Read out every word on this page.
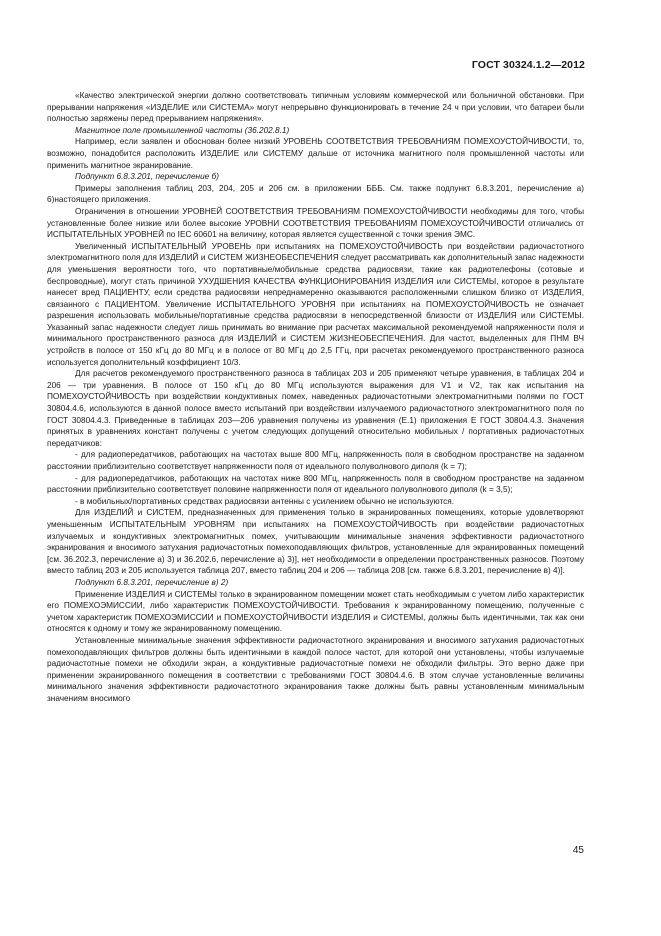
ГОСТ 30324.1.2—2012

«Качество электрической энергии должно соответствовать типичным условиям коммерческой или больничной обстановки. При прерывании напряжения «ИЗДЕЛИЕ или СИСТЕМА» могут непрерывно функционировать в течение 24 ч при условии, что батареи были полностью заряжены перед прерыванием напряжения».

Магнитное поле промышленной частоты (36.202.8.1)

Например, если заявлен и обоснован более низкий УРОВЕНЬ СООТВЕТСТВИЯ ТРЕБОВАНИЯМ ПОМЕХОУСТОЙЧИВОСТИ, то, возможно, понадобится расположить ИЗДЕЛИЕ или СИСТЕМУ дальше от источника магнитного поля промышленной частоты или применить магнитное экранирование.

Подпункт 6.8.3.201, перечисление б)

Примеры заполнения таблиц 203, 204, 205 и 206 см. в приложении БББ. См. также подпункт 6.8.3.201, перечисление а) 6)настоящего приложения.

Ограничения в отношении УРОВНЕЙ СООТВЕТСТВИЯ ТРЕБОВАНИЯМ ПОМЕХОУСТОЙЧИВОСТИ необходимы для того, чтобы установленные более низкие или более высокие УРОВНИ СООТВЕТСТВИЯ ТРЕБОВАНИЯМ ПОМЕХОУСТОЙЧИВОСТИ отличались от ИСПЫТАТЕЛЬНЫХ УРОВНЕЙ по IEC 60601 на величину, которая является существенной с точки зрения ЭМС.

Увеличенный ИСПЫТАТЕЛЬНЫЙ УРОВЕНЬ при испытаниях на ПОМЕХОУСТОЙЧИВОСТЬ при воздействии радиочастотного электромагнитного поля для ИЗДЕЛИЙ и СИСТЕМ ЖИЗНЕОБЕСПЕЧЕНИЯ следует рассматривать как дополнительный запас надежности для уменьшения вероятности того, что портативные/мобильные средства радиосвязи, такие как радиотелефоны (сотовые и беспроводные), могут стать причиной УХУДШЕНИЯ КАЧЕСТВА ФУНКЦИОНИРОВАНИЯ ИЗДЕЛИЯ или СИСТЕМЫ, которое в результате нанесет вред ПАЦИЕНТУ, если средства радиосвязи непреднамеренно оказываются расположенными слишком близко от ИЗДЕЛИЯ, связанного с ПАЦИЕНТОМ. Увеличение ИСПЫТАТЕЛЬНОГО УРОВНЯ при испытаниях на ПОМЕХОУСТОЙЧИВОСТЬ не означает разрешения использовать мобильные/портативные средства радиосвязи в непосредственной близости от ИЗДЕЛИЯ или СИСТЕМЫ. Указанный запас надежности следует лишь принимать во внимание при расчетах максимальной рекомендуемой напряженности поля и минимального пространственного разноса для ИЗДЕЛИЙ и СИСТЕМ ЖИЗНЕОБЕСПЕЧЕНИЯ. Для частот, выделенных для ПНМ ВЧ устройств в полосе от 150 кГц до 80 МГц и в полосе от 80 МГц до 2,5 ГГц, при расчетах рекомендуемого пространственного разноса используется дополнительный коэффициент 10/3.

Для расчетов рекомендуемого пространственного разноса в таблицах 203 и 205 применяют четыре уравнения, в таблицах 204 и 206 — три уравнения. В полосе от 150 кГц до 80 МГц используются выражения для V1 и V2, так как испытания на ПОМЕХОУСТОЙЧИВОСТЬ при воздействии кондуктивных помех, наведенных радиочастотными электромагнитными полями по ГОСТ 30804.4.6, используются в данной полосе вместо испытаний при воздействии излучаемого радиочастотного электромагнитного поля по ГОСТ 30804.4.3. Приведенные в таблицах 203—206 уравнения получены из уравнения (Е.1) приложения Е ГОСТ 30804.4.3. Значения принятых в уравнениях констант получены с учетом следующих допущений относительно мобильных / портативных радиочастотных передатчиков:

- для радиопередатчиков, работающих на частотах выше 800 МГц, напряженность поля в свободном пространстве на заданном расстоянии приблизительно соответствует напряженности поля от идеального полуволнового диполя (k = 7);

- для радиопередатчиков, работающих на частотах ниже 800 МГц, напряженность поля в свободном пространстве на заданном расстоянии приблизительно соответствует половине напряженности поля от идеального полуволнового диполя (k = 3,5);

- в мобильных/портативных средствах радиосвязи антенны с усилением обычно не используются.

Для ИЗДЕЛИЙ и СИСТЕМ, предназначенных для применения только в экранированных помещениях, которые удовлетворяют уменьшенным ИСПЫТАТЕЛЬНЫМ УРОВНЯМ при испытаниях на ПОМЕХОУСТОЙЧИВОСТЬ при воздействии радиочастотных излучаемых и кондуктивных электромагнитных помех, учитывающим минимальные значения эффективности радиочастотного экранирования и вносимого затухания радиочастотных помехоподавляющих фильтров, установленные для экранированных помещений [см. 36.202.3, перечисление а) 3) и 36.202.6, перечисление а) 3)], нет необходимости в определении пространственных разносов. Поэтому вместо таблиц 203 и 205 используется таблица 207, вместо таблиц 204 и 206 — таблица 208 [см. также 6.8.3.201, перечисление в) 4)].

Подпункт 6.8.3.201, перечисление в) 2)

Применение ИЗДЕЛИЯ и СИСТЕМЫ только в экранированном помещении может стать необходимым с учетом либо характеристик его ПОМЕХОЭМИССИИ, либо характеристик ПОМЕХОУСТОЙЧИВОСТИ. Требования к экранированному помещению, полученные с учетом характеристик ПОМЕХОЭМИССИИ и ПОМЕХОУСТОЙЧИВОСТИ ИЗДЕЛИЯ и СИСТЕМЫ, должны быть идентичными, так как они относятся к одному и тому же экранированному помещению.

Установленные минимальные значения эффективности радиочастотного экранирования и вносимого затухания радиочастотных помехоподавляющих фильтров должны быть идентичными в каждой полосе частот, для которой они установлены, чтобы излучаемые радиочастотные помехи не обходили экран, а кондуктивные радиочастотные помехи не обходили фильтры. Это верно даже при применении экранированного помещения в соответствии с требованиями ГОСТ 30804.4.6. В этом случае установленные величины минимального значения эффективности радиочастотного экранирования также должны быть равны установленным минимальным значениям вносимого

45
